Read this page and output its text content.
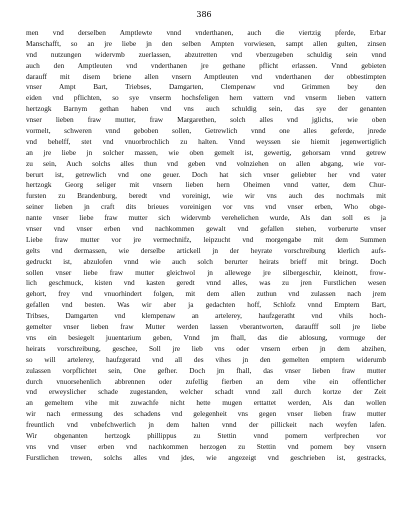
386
men vnd derselben Amptlewte vnnd vnderthanen, auch die viertzig pferde, Erbar
Manschafft, so an jre liebe jn den selben Ampten vorwiesen, sampt allen gulten, zinsen
vnd nutzungen widervmb zuerlassen, abzutretten vnd vberzugeben schuldig sein vnnd
auch den Amptleuten vnd vnderthanen jre gethane pflicht erlassen. Vnnd gebieten
darauff mit disem briene allen vnsern Amptleuten vnd vnderthanen der obbestimpten
vnser Ampt Bart, Triebses, Damgarten, Clempenaw vnd Grimmen bey den
eiden vnd pflichten, so sye vnserm hochsfeligen hern vattern vnd vnserm lieben vattern
hertzogk Barnym gethan haben vnd vns auch schuldig sein, das sye der genanten
vnser lieben fraw mutter, fraw Margarethen, solch alles vnd jglichs, wie oben
vormelt, schweren vnnd geboben sollen, Getrewlich vnnd one alles geferde, jnrede
vnd behelff, stet vnd vnuorbrochlich zu halten. Vnnd weyssen sie hiemit jegenwertiglich
an jre liebe jn solcher massen, wie oben gemelt ist, gewertig, gehorsam vnnd getrew
zu sein, Auch solchs alles thun vnd geben vnd volnziehen on allen abgang, wie vor-
berurt ist, getrewlich vnd one geuer. Doch hat sich vnser geliebter her vnd vater
hertzogk Georg seliger mit vnsern lieben hern Oheimen vnnd vatter, dem Chur-
fursten zu Brandenburg, beredt vnd voreinigt, wie wir vns auch des nochmals mit
seiner lieben jn craft dits brieues voreinigen vor vns vnd vnser erben, Who obge-
nante vnser liebe fraw mutter sich widervmb verehelichen wurde, Als dan soll es ja
vnser vnd vnser erben vnd nachkommen gewalt vnd gefallen stehen, vorberurte vnser
Liebe fraw mutter vor jre vermechnifz, leipzucht vnd morgengabe mit dem Summen
gelts vnd dermassen, wie derselbe artickell jn der heyrate vorschreibung klerlich aufs-
gedruckt ist, abzulofen vnnd wie auch solch berurter heirats brieff mit bringt. Doch
sollen vnser liebe fraw mutter gleichwol jn allewege jre silbergeschir, kleinott, frow-
lich geschmuck, kisten vnd kasten geredt vnnd alles, was zu jren Furstlichen wesen
gehort, frey vnd vnuorhindert folgen, mit dem allen zuthun vnd zulassen nach jrem
gefallen vnd besten. Was wir aber ja gedachten hoff, Schlofz vnnd Emptern Bart,
Tribses, Damgarten vnd klempenaw an artelerey, haufzgeratht vnd vhils hoch-
gemelter vnser lieben fraw Mutter werden lassen vberantworten, daraufff soll jre liebe
vns ein besiegelt juuentarium geben, Vnnd jm fhall, das die ablosung, vormuge der
heirats vorschreibung, geschee, Soll jre lieb vns oder vnsern erben jn dem abzihen,
so will artelerey, haufzgeratd vnd all des vihes jn den gemelten emptern widerumb
zulassen vorpflichtet sein, One gefher. Doch jm fhall, das vnser lieben fraw mutter
durch vnuorsehenlich abbrennen oder zufellig fierben an dem vihe ein offentlicher
vnd erweyslicher schade zugestanden, welcher schadt vnnd zall durch kortze der Zeit
an gemeltem vihe mit zuwachfe nicht hette mugen erttattet werden, Als dan wollen
wir nach ermessung des schadens vnd gelegenheit vns gegen vnser lieben fraw mutter
freuntlich vnd vnbefchwerlich jn dem halten vnnd der pillickeit nach weyfen lafen.
Wir obgenanten hertzogk phillippus zu Stettin vnnd pomern verfprechen vor
vns vnd vnser erben vnd nachkommen herzogen zu Stettin vnd pomern bey vnsern
Furstlichen trewen, solchs alles vnd jdes, wie angezeigt vnd geschrieben ist, gestracks,
